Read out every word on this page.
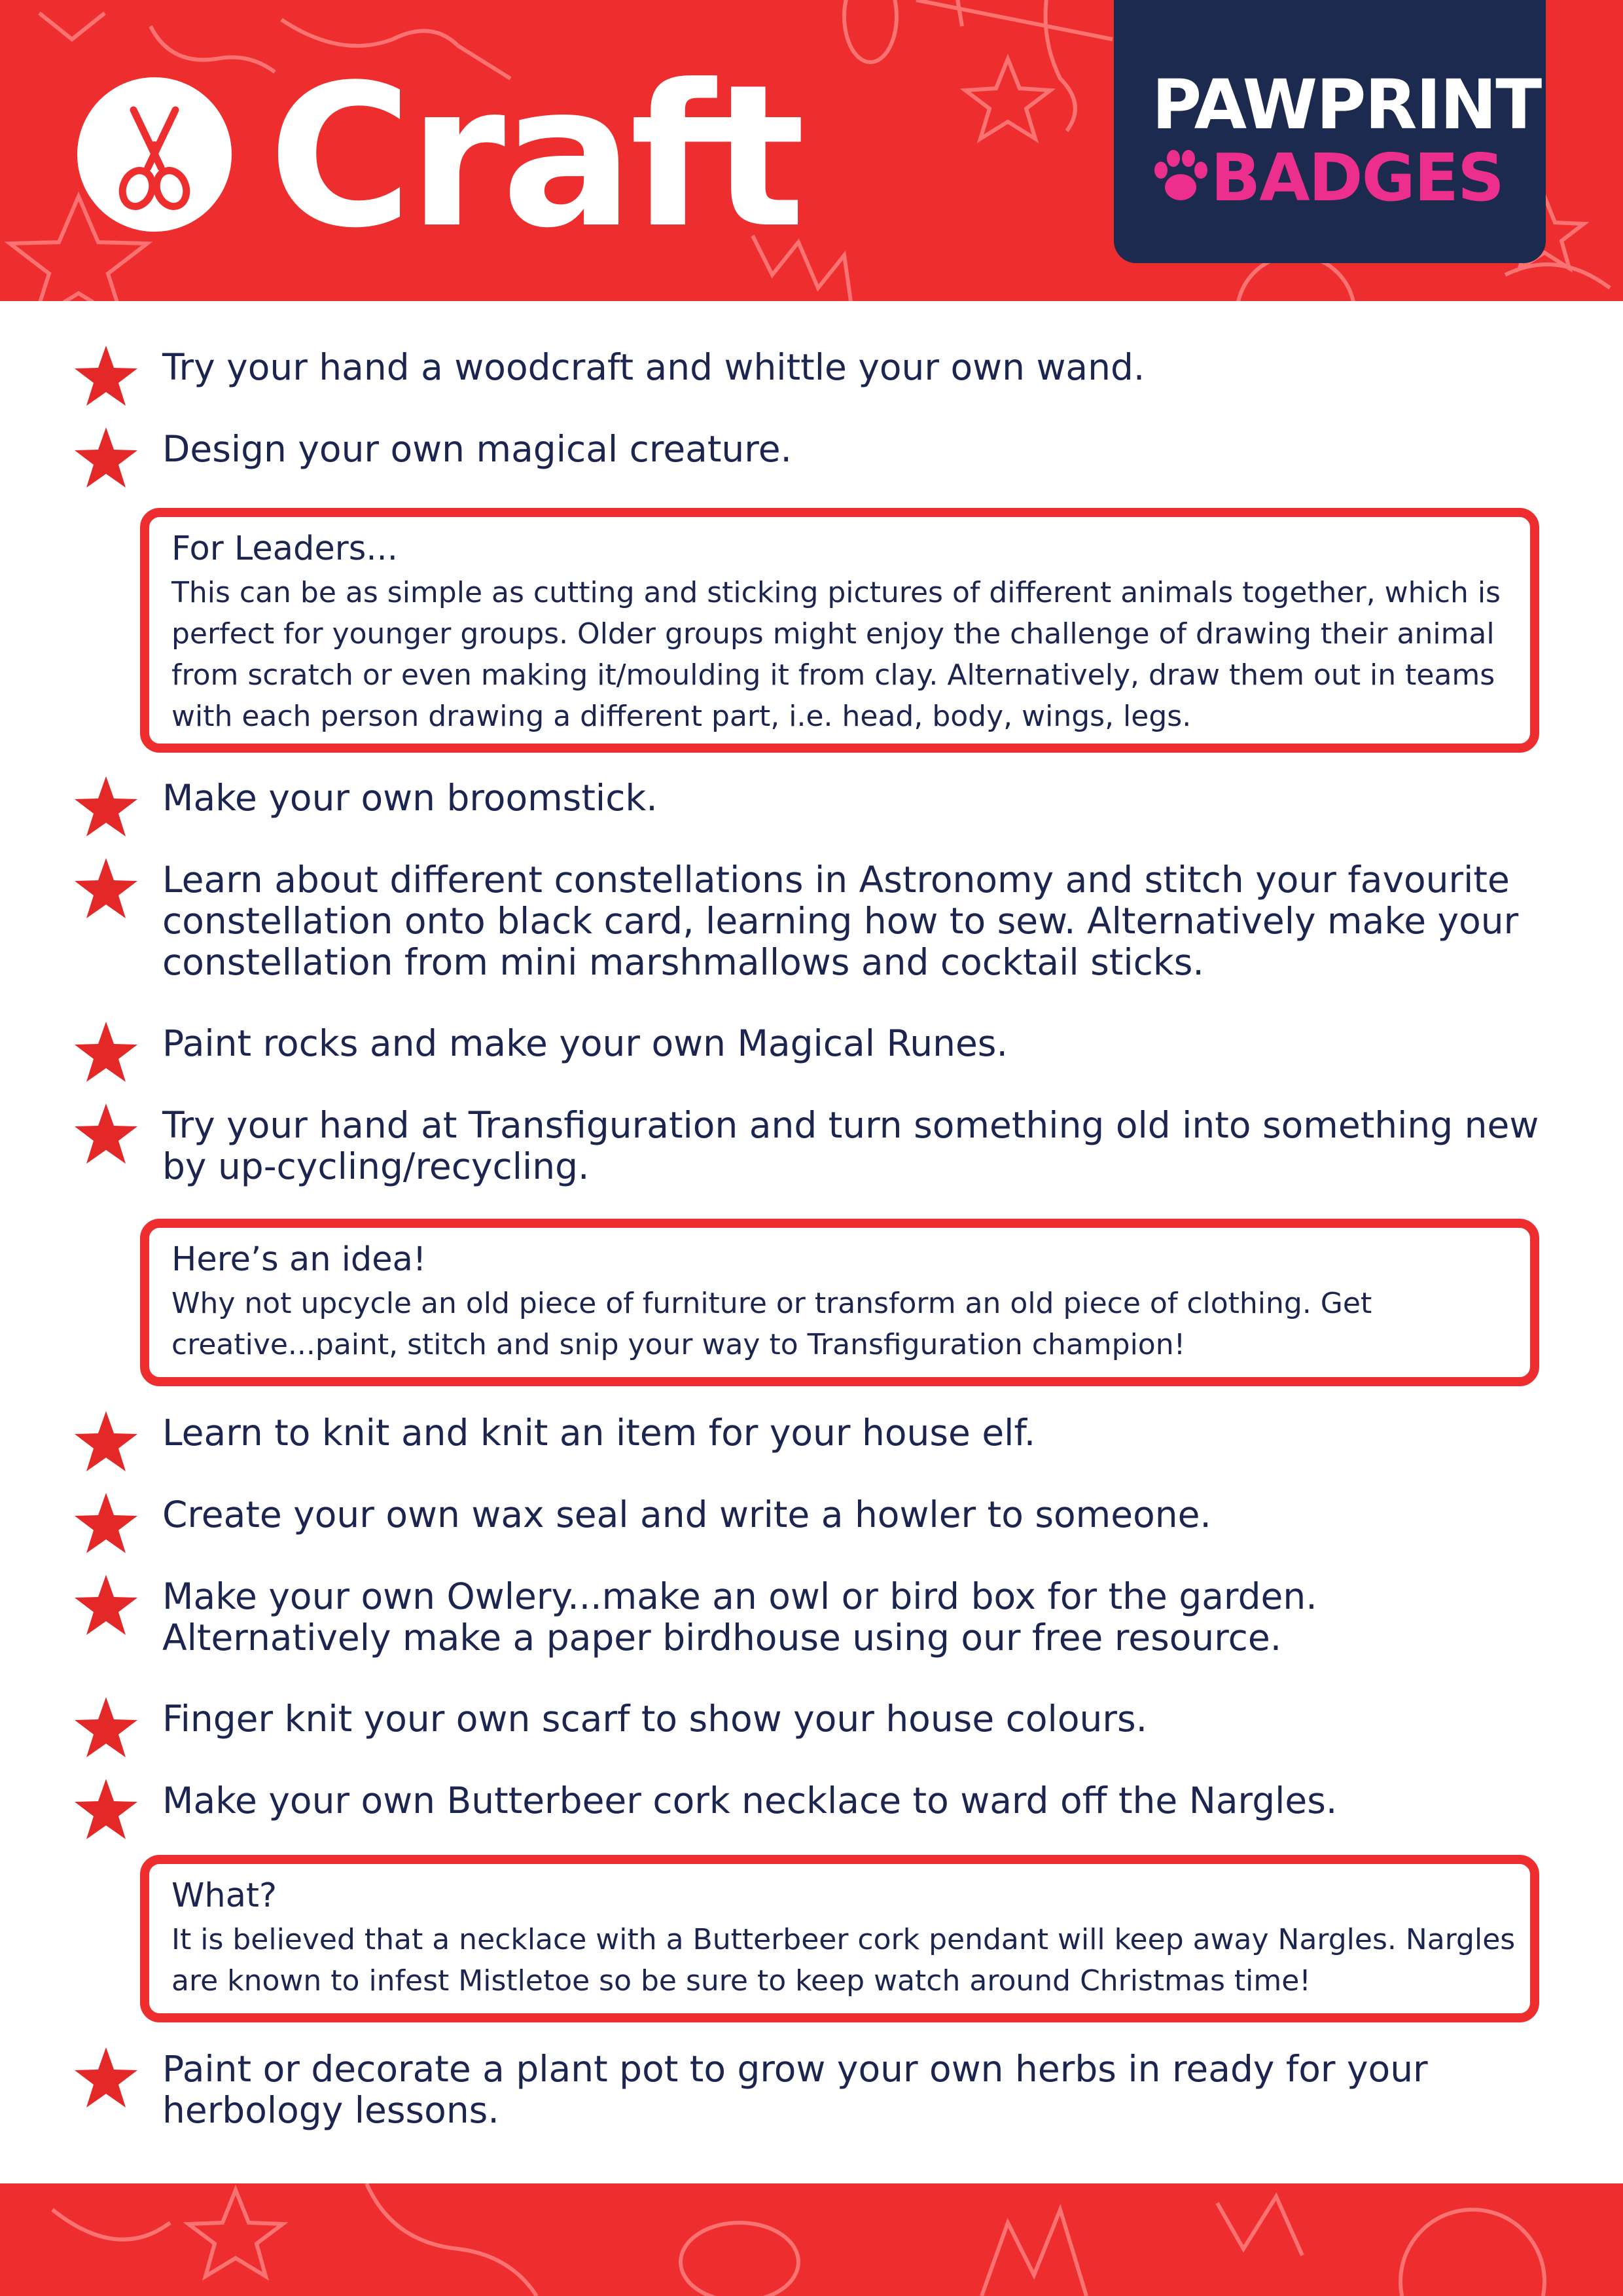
Craft	PAWPRINT
BADGES
Try your hand a woodcraft and whittle your own wand.
Design your own magical creature.
For Leaders...
This can be as simple as cutting and sticking pictures of different animals together, which is perfect for younger groups. Older groups might enjoy the challenge of drawing their animal from scratch or even making it/moulding it from clay. Alternatively, draw them out in teams with each person drawing a different part, i.e. head, body, wings, legs.
Make your own broomstick.
Learn about different constellations in Astronomy and stitch your favourite constellation onto black card, learning how to sew. Alternatively make your constellation from mini marshmallows and cocktail sticks.
Paint rocks and make your own Magical Runes.
Try your hand at Transfiguration and turn something old into something new by up-cycling/recycling.
Here’s an idea!
Why not upcycle an old piece of furniture or transform an old piece of clothing. Get creative...paint, stitch and snip your way to Transfiguration champion!
Learn to knit and knit an item for your house elf.
Create your own wax seal and write a howler to someone.
Make your own Owlery...make an owl or bird box for the garden. Alternatively make a paper birdhouse using our free resource.
Finger knit your own scarf to show your house colours.
Make your own Butterbeer cork necklace to ward off the Nargles.
What?
It is believed that a necklace with a Butterbeer cork pendant will keep away Nargles. Nargles are known to infest Mistletoe so be sure to keep watch around Christmas time!
Paint or decorate a plant pot to grow your own herbs in ready for your herbology lessons.
